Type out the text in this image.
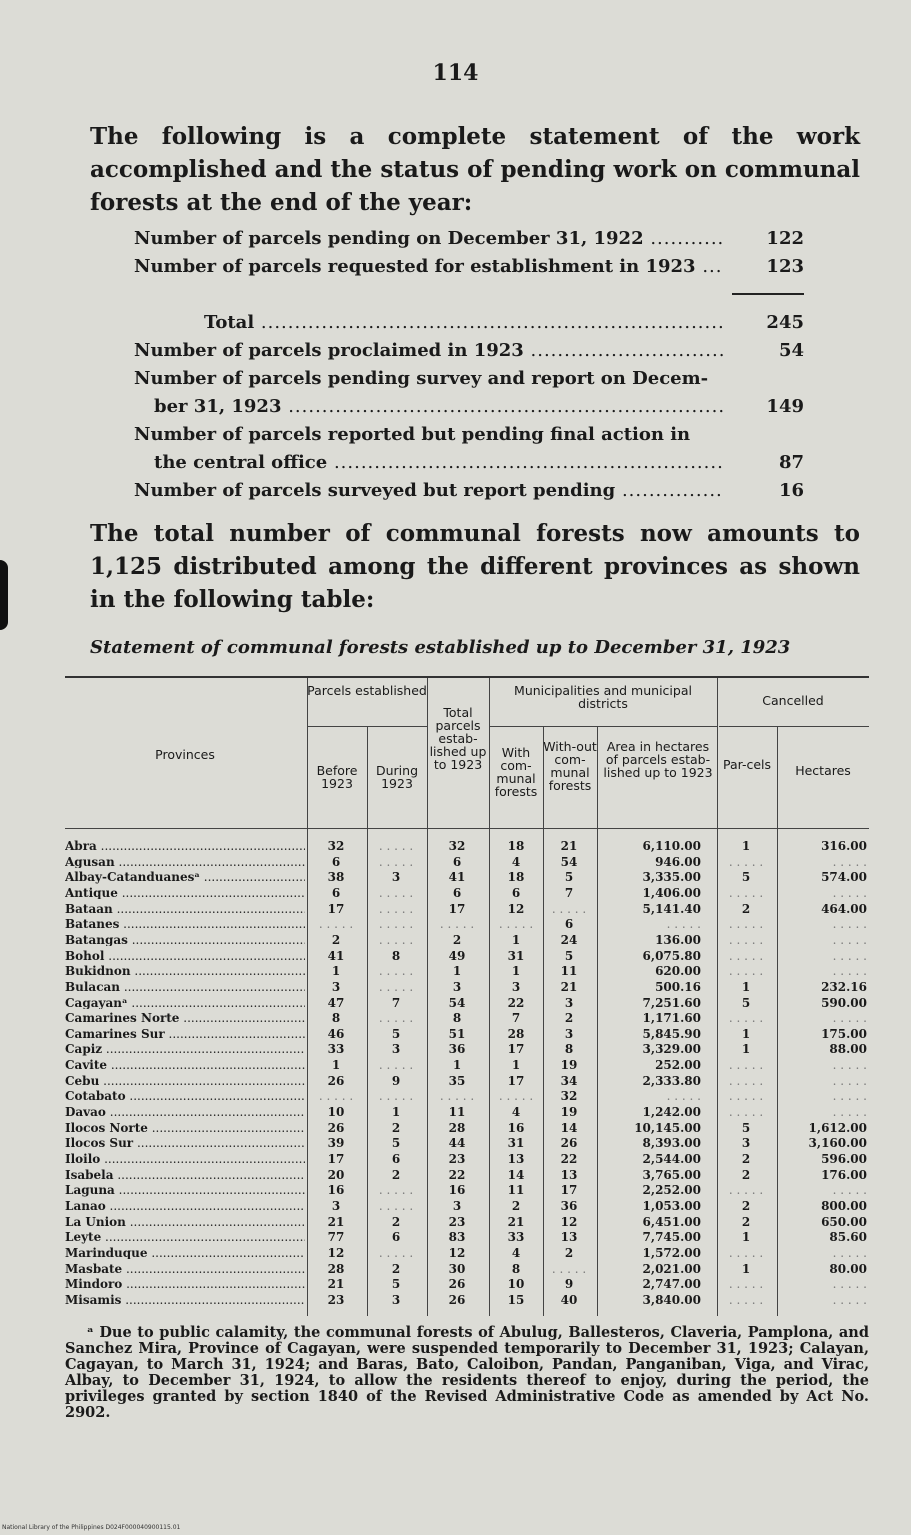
114

The following is a complete statement of the work accomplished and the status of pending work on communal forests at the end of the year:

Number of parcels pending on December 31, 1922 .....	122
Number of parcels requested for establishment in 1923 .....	123
Total .....	245
Number of parcels proclaimed in 1923 .....	54
Number of parcels pending survey and report on Decem-
ber 31, 1923 .....	149
Number of parcels reported but pending final action in
the central office .....	87
Number of parcels surveyed but report pending .....	16

The total number of communal forests now amounts to 1,125 distributed among the different provinces as shown in the following table:

Statement of communal forests established up to December 31, 1923
Provinces
Parcels established
Before 1923
During 1923
Total parcels estab-lished up to 1923
Municipalities and municipal districts
With com-munal forests
With-out com-munal forests
Area in hectares of parcels estab-lished up to 1923
Cancelled
Par-cels	Hectares
Abra .....	32	. . . . .	32	18	21	6,110.00	1	316.00
Agusan .....	6	. . . . .	6	4	54	946.00	. . . . .	. . . . .
Albay-Catanduanesᵃ .....	38	3	41	18	5	3,335.00	5	574.00
Antique .....	6	. . . . .	6	6	7	1,406.00	. . . . .	. . . . .
Bataan .....	17	. . . . .	17	12	. . . . .	5,141.40	2	464.00
Batanes .....	. . . . .	. . . . .	. . . . .	. . . . .	6	. . . . .	. . . . .	. . . . .
Batangas .....	2	. . . . .	2	1	24	136.00	. . . . .	. . . . .
Bohol .....	41	8	49	31	5	6,075.80	. . . . .	. . . . .
Bukidnon .....	1	. . . . .	1	1	11	620.00	. . . . .	. . . . .
Bulacan .....	3	. . . . .	3	3	21	500.16	1	232.16
Cagayanᵃ .....	47	7	54	22	3	7,251.60	5	590.00
Camarines Norte .....	8	. . . . .	8	7	2	1,171.60	. . . . .	. . . . .
Camarines Sur .....	46	5	51	28	3	5,845.90	1	175.00
Capiz .....	33	3	36	17	8	3,329.00	1	88.00
Cavite .....	1	. . . . .	1	1	19	252.00	. . . . .	. . . . .
Cebu .....	26	9	35	17	34	2,333.80	. . . . .	. . . . .
Cotabato .....	. . . . .	. . . . .	. . . . .	. . . . .	32	. . . . .	. . . . .	. . . . .
Davao .....	10	1	11	4	19	1,242.00	. . . . .	. . . . .
Ilocos Norte .....	26	2	28	16	14	10,145.00	5	1,612.00
Ilocos Sur .....	39	5	44	31	26	8,393.00	3	3,160.00
Iloilo .....	17	6	23	13	22	2,544.00	2	596.00
Isabela .....	20	2	22	14	13	3,765.00	2	176.00
Laguna .....	16	. . . . .	16	11	17	2,252.00	. . . . .	. . . . .
Lanao .....	3	. . . . .	3	2	36	1,053.00	2	800.00
La Union .....	21	2	23	21	12	6,451.00	2	650.00
Leyte .....	77	6	83	33	13	7,745.00	1	85.60
Marinduque .....	12	. . . . .	12	4	2	1,572.00	. . . . .	. . . . .
Masbate .....	28	2	30	8	. . . . .	2,021.00	1	80.00
Mindoro .....	21	5	26	10	9	2,747.00	. . . . .	. . . . .
Misamis .....	23	3	26	15	40	3,840.00	. . . . .	. . . . .

ᵃ Due to public calamity, the communal forests of Abulug, Ballesteros, Claveria, Pamplona, and Sanchez Mira, Province of Cagayan, were suspended temporarily to December 31, 1923; Calayan, Cagayan, to March 31, 1924; and Baras, Bato, Caloibon, Pandan, Panganiban, Viga, and Virac, Albay, to December 31, 1924, to allow the residents thereof to enjoy, during the period, the privileges granted by section 1840 of the Revised Administrative Code as amended by Act No. 2902.

National Library of the Philippines D024F000040900115.01
